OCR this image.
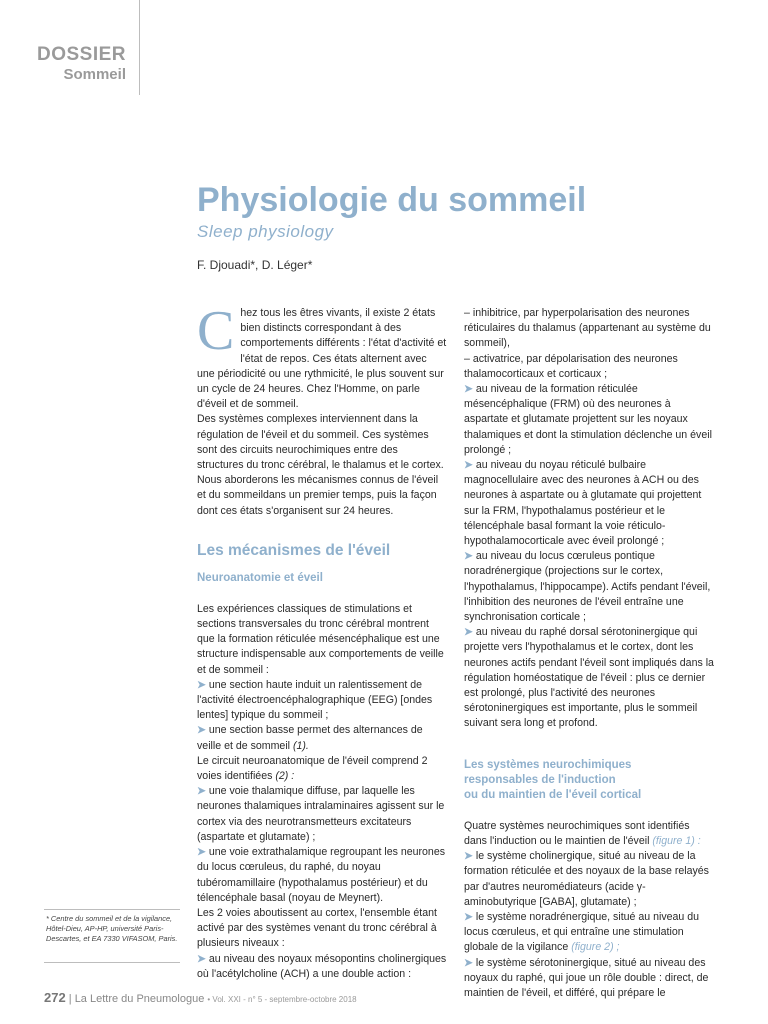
DOSSIER
Sommeil
Physiologie du sommeil
Sleep physiology
F. Djouadi*, D. Léger*

Chez tous les êtres vivants, il existe 2 états bien distincts correspondant à des comportements différents : l'état d'activité et l'état de repos. Ces états alternent avec une périodicité ou une rythmicité, le plus souvent sur un cycle de 24 heures. Chez l'Homme, on parle d'éveil et de sommeil.

Des systèmes complexes interviennent dans la régulation de l'éveil et du sommeil. Ces systèmes sont des circuits neurochimiques entre des structures du tronc cérébral, le thalamus et le cortex. Nous aborderons les mécanismes connus de l'éveil et du sommeildans un premier temps, puis la façon dont ces états s'organisent sur 24 heures.

Les mécanismes de l'éveil
Neuroanatomie et éveil

Les expériences classiques de stimulations et sections transversales du tronc cérébral montrent que la formation réticulée mésencéphalique est une structure indispensable aux comportements de veille et de sommeil :

➤ une section haute induit un ralentissement de l'activité électroencéphalographique (EEG) [ondes lentes] typique du sommeil ;

➤ une section basse permet des alternances de veille et de sommeil (1).

Le circuit neuroanatomique de l'éveil comprend 2 voies identifiées (2) :

➤ une voie thalamique diffuse, par laquelle les neurones thalamiques intralaminaires agissent sur le cortex via des neurotransmetteurs excitateurs (aspartate et glutamate) ;

➤ une voie extrathalamique regroupant les neurones du locus cœruleus, du raphé, du noyau tubéromamillaire (hypothalamus postérieur) et du télencéphale basal (noyau de Meynert).

Les 2 voies aboutissent au cortex, l'ensemble étant activé par des systèmes venant du tronc cérébral à plusieurs niveaux :

➤ au niveau des noyaux mésopontins cholinergiques où l'acétylcholine (ACH) a une double action :

– inhibitrice, par hyperpolarisation des neurones réticulaires du thalamus (appartenant au système du sommeil),

– activatrice, par dépolarisation des neurones thalamocorticaux et corticaux ;

➤ au niveau de la formation réticulée mésencéphalique (FRM) où des neurones à aspartate et glutamate projettent sur les noyaux thalamiques et dont la stimulation déclenche un éveil prolongé ;

➤ au niveau du noyau réticulé bulbaire magnocellulaire avec des neurones à ACH ou des neurones à aspartate ou à glutamate qui projettent sur la FRM, l'hypothalamus postérieur et le télencéphale basal formant la voie réticulo-hypothalamocorticale avec éveil prolongé ;

➤ au niveau du locus cœruleus pontique noradrénergique (projections sur le cortex, l'hypothalamus, l'hippocampe). Actifs pendant l'éveil, l'inhibition des neurones de l'éveil entraîne une synchronisation corticale ;

➤ au niveau du raphé dorsal sérotoninergique qui projette vers l'hypothalamus et le cortex, dont les neurones actifs pendant l'éveil sont impliqués dans la régulation homéostatique de l'éveil : plus ce dernier est prolongé, plus l'activité des neurones sérotoninergiques est importante, plus le sommeil suivant sera long et profond.

Les systèmes neurochimiques
responsables de l'induction
ou du maintien de l'éveil cortical

Quatre systèmes neurochimiques sont identifiés dans l'induction ou le maintien de l'éveil (figure 1) :

➤ le système cholinergique, situé au niveau de la formation réticulée et des noyaux de la base relayés par d'autres neuromédiateurs (acide γ-aminobutyrique [GABA], glutamate) ;

➤ le système noradrénergique, situé au niveau du locus cœruleus, et qui entraîne une stimulation globale de la vigilance (figure 2) ;

➤ le système sérotoninergique, situé au niveau des noyaux du raphé, qui joue un rôle double : direct, de maintien de l'éveil, et différé, qui prépare le

* Centre du sommeil et de la vigilance, Hôtel-Dieu, AP-HP, université Paris-Descartes, et EA 7330 VIFASOM, Paris.
272 | La Lettre du Pneumologue • Vol. XXI - n° 5 - septembre-octobre 2018
